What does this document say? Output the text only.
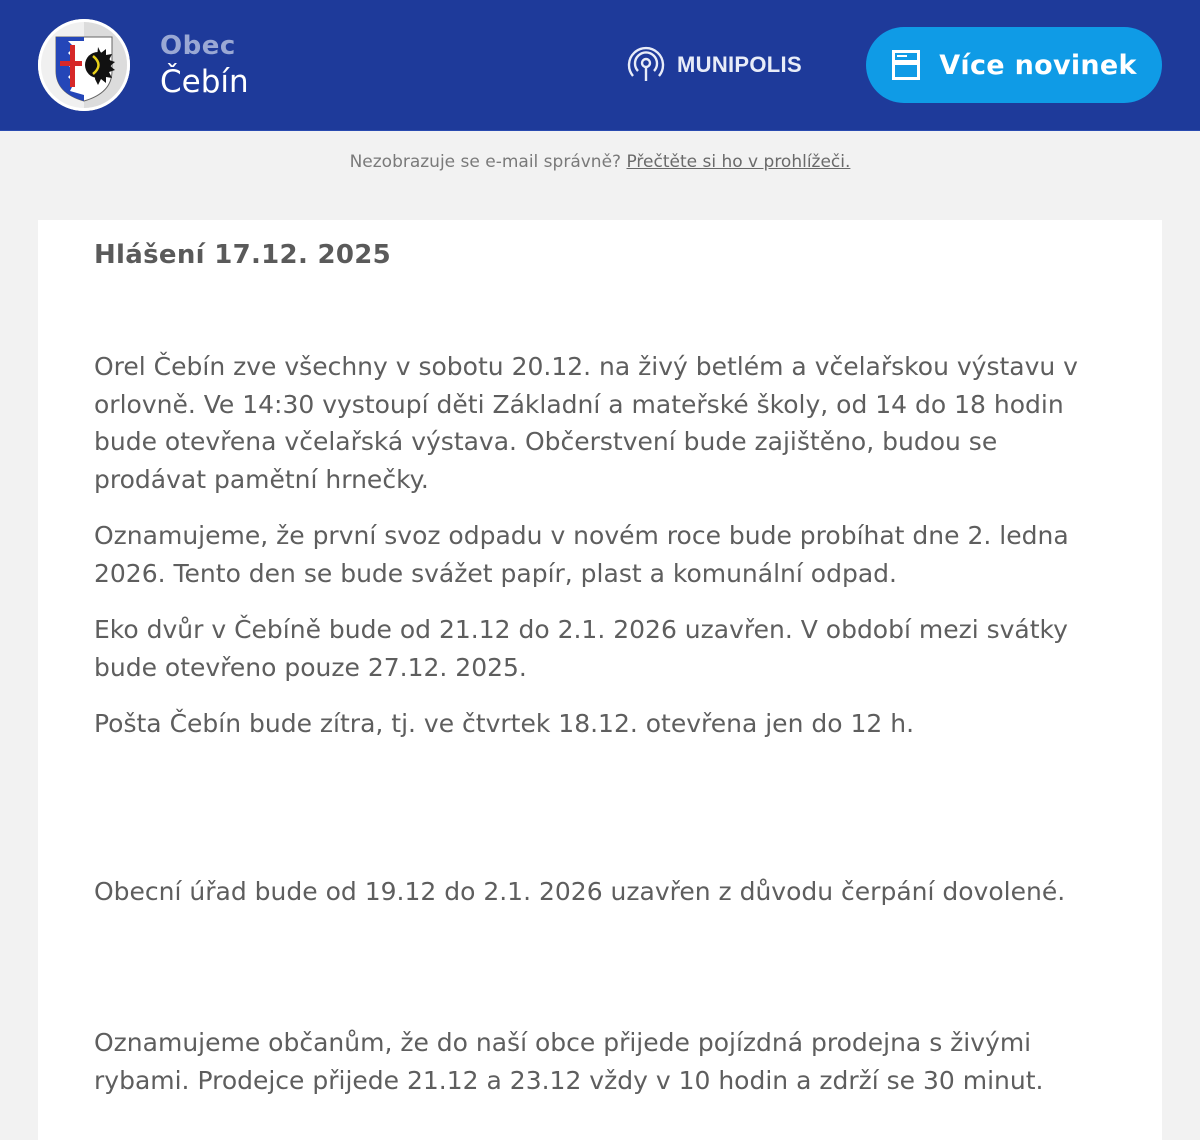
Obec
Čebín	MUNIPOLIS	Více novinek
Nezobrazuje se e-mail správně? Přečtěte si ho v prohlížeči.
Hlášení 17.12. 2025

Orel Čebín zve všechny v sobotu 20.12. na živý betlém a včelařskou výstavu v orlovně. Ve 14:30 vystoupí děti Základní a mateřské školy, od 14 do 18 hodin bude otevřena včelařská výstava. Občerstvení bude zajištěno, budou se prodávat pamětní hrnečky.

Oznamujeme, že první svoz odpadu v novém roce bude probíhat dne 2. ledna 2026. Tento den se bude svážet papír, plast a komunální odpad.

Eko dvůr v Čebíně bude od 21.12 do 2.1. 2026 uzavřen. V období mezi svátky bude otevřeno pouze 27.12. 2025.

Pošta Čebín bude zítra, tj. ve čtvrtek 18.12. otevřena jen do 12 h.

Obecní úřad bude od 19.12 do 2.1. 2026 uzavřen z důvodu čerpání dovolené.

Oznamujeme občanům, že do naší obce přijede pojízdná prodejna s živými rybami. Prodejce přijede 21.12 a 23.12 vždy v 10 hodin a zdrží se 30 minut.
